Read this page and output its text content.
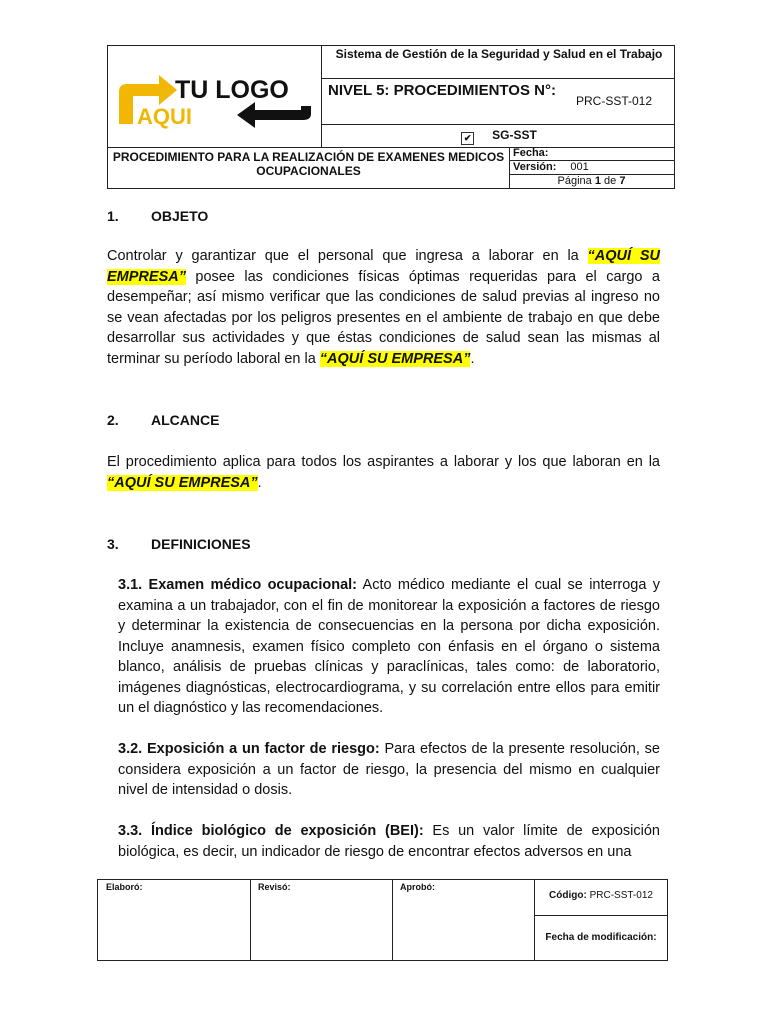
Sistema de Gestión de la Seguridad y Salud en el Trabajo
NIVEL 5: PROCEDIMIENTOS N°:
PRC-SST-012
✔ SG-SST
PROCEDIMIENTO PARA LA REALIZACIÓN DE EXAMENES MEDICOS OCUPACIONALES
Fecha:
Versión: 001
Página 1 de 7
TU LOGO
AQUI
1. OBJETO
Controlar y garantizar que el personal que ingresa a laborar en la “AQUÍ SU EMPRESA” posee las condiciones físicas óptimas requeridas para el cargo a desempeñar; así mismo verificar que las condiciones de salud previas al ingreso no se vean afectadas por los peligros presentes en el ambiente de trabajo en que debe desarrollar sus actividades y que éstas condiciones de salud sean las mismas al terminar su período laboral en la “AQUÍ SU EMPRESA”.
2. ALCANCE
El procedimiento aplica para todos los aspirantes a laborar y los que laboran en la “AQUÍ SU EMPRESA”.
3. DEFINICIONES
3.1. Examen médico ocupacional: Acto médico mediante el cual se interroga y examina a un trabajador, con el fin de monitorear la exposición a factores de riesgo y determinar la existencia de consecuencias en la persona por dicha exposición. Incluye anamnesis, examen físico completo con énfasis en el órgano o sistema blanco, análisis de pruebas clínicas y paraclínicas, tales como: de laboratorio, imágenes diagnósticas, electrocardiograma, y su correlación entre ellos para emitir un el diagnóstico y las recomendaciones.
3.2. Exposición a un factor de riesgo: Para efectos de la presente resolución, se considera exposición a un factor de riesgo, la presencia del mismo en cualquier nivel de intensidad o dosis.
3.3. Índice biológico de exposición (BEI): Es un valor límite de exposición biológica, es decir, un indicador de riesgo de encontrar efectos adversos en una
Elaboró:	Revisó:	Aprobó:
Código: PRC-SST-012
Fecha de modificación:
